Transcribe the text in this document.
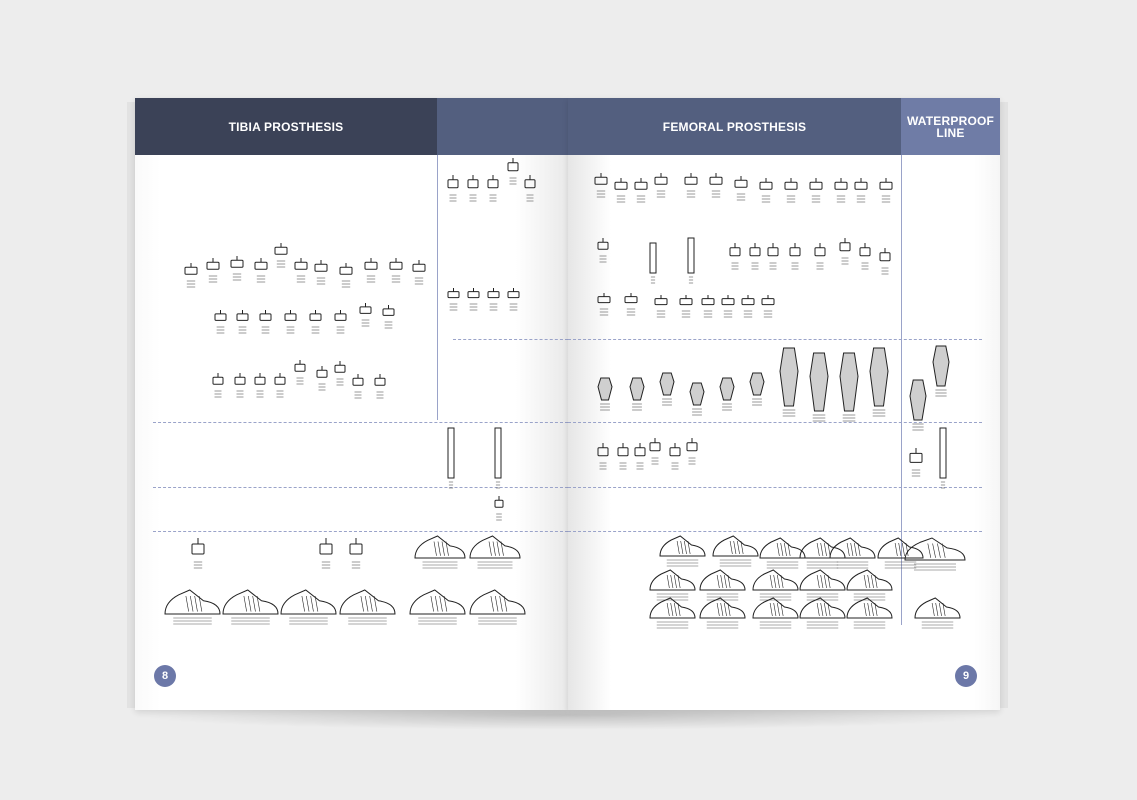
TIBIA PROSTHESIS
8
FEMORAL PROSTHESIS	WATERPROOF LINE
9
